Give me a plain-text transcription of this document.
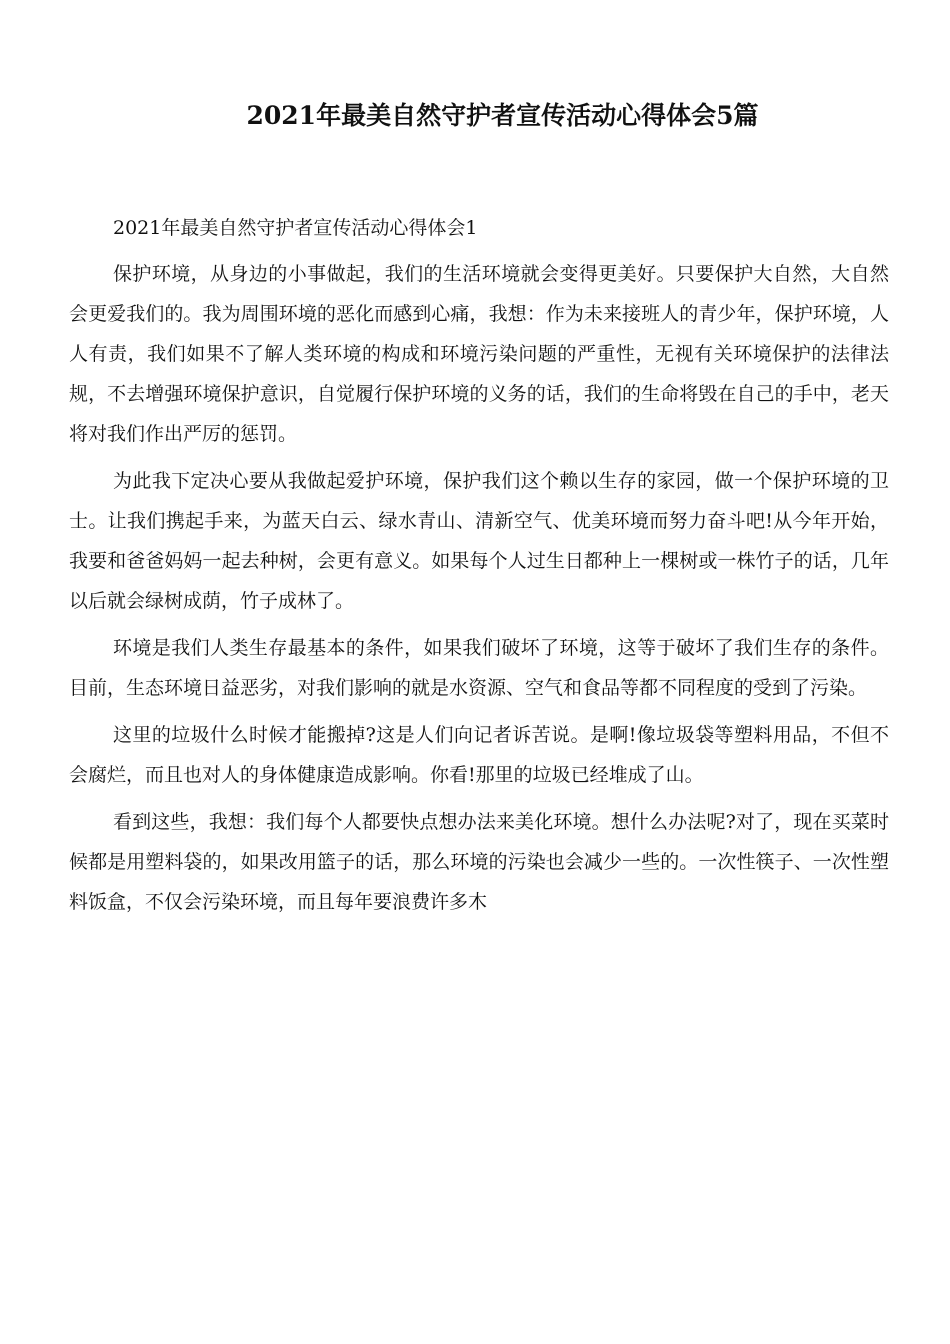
2021年最美自然守护者宣传活动心得体会5篇

2021年最美自然守护者宣传活动心得体会1

保护环境，从身边的小事做起，我们的生活环境就会变得更美好。只要保护大自然，大自然会更爱我们的。我为周围环境的恶化而感到心痛，我想：作为未来接班人的青少年，保护环境，人人有责，我们如果不了解人类环境的构成和环境污染问题的严重性，无视有关环境保护的法律法规，不去增强环境保护意识，自觉履行保护环境的义务的话，我们的生命将毁在自己的手中，老天将对我们作出严厉的惩罚。

为此我下定决心要从我做起爱护环境，保护我们这个赖以生存的家园，做一个保护环境的卫士。让我们携起手来，为蓝天白云、绿水青山、清新空气、优美环境而努力奋斗吧!从今年开始，我要和爸爸妈妈一起去种树，会更有意义。如果每个人过生日都种上一棵树或一株竹子的话，几年以后就会绿树成荫，竹子成林了。

环境是我们人类生存最基本的条件，如果我们破坏了环境，这等于破坏了我们生存的条件。目前，生态环境日益恶劣，对我们影响的就是水资源、空气和食品等都不同程度的受到了污染。

这里的垃圾什么时候才能搬掉?这是人们向记者诉苦说。是啊!像垃圾袋等塑料用品，不但不会腐烂，而且也对人的身体健康造成影响。你看!那里的垃圾已经堆成了山。

看到这些，我想：我们每个人都要快点想办法来美化环境。想什么办法呢?对了，现在买菜时候都是用塑料袋的，如果改用篮子的话，那么环境的污染也会减少一些的。一次性筷子、一次性塑料饭盒，不仅会污染环境，而且每年要浪费许多木
